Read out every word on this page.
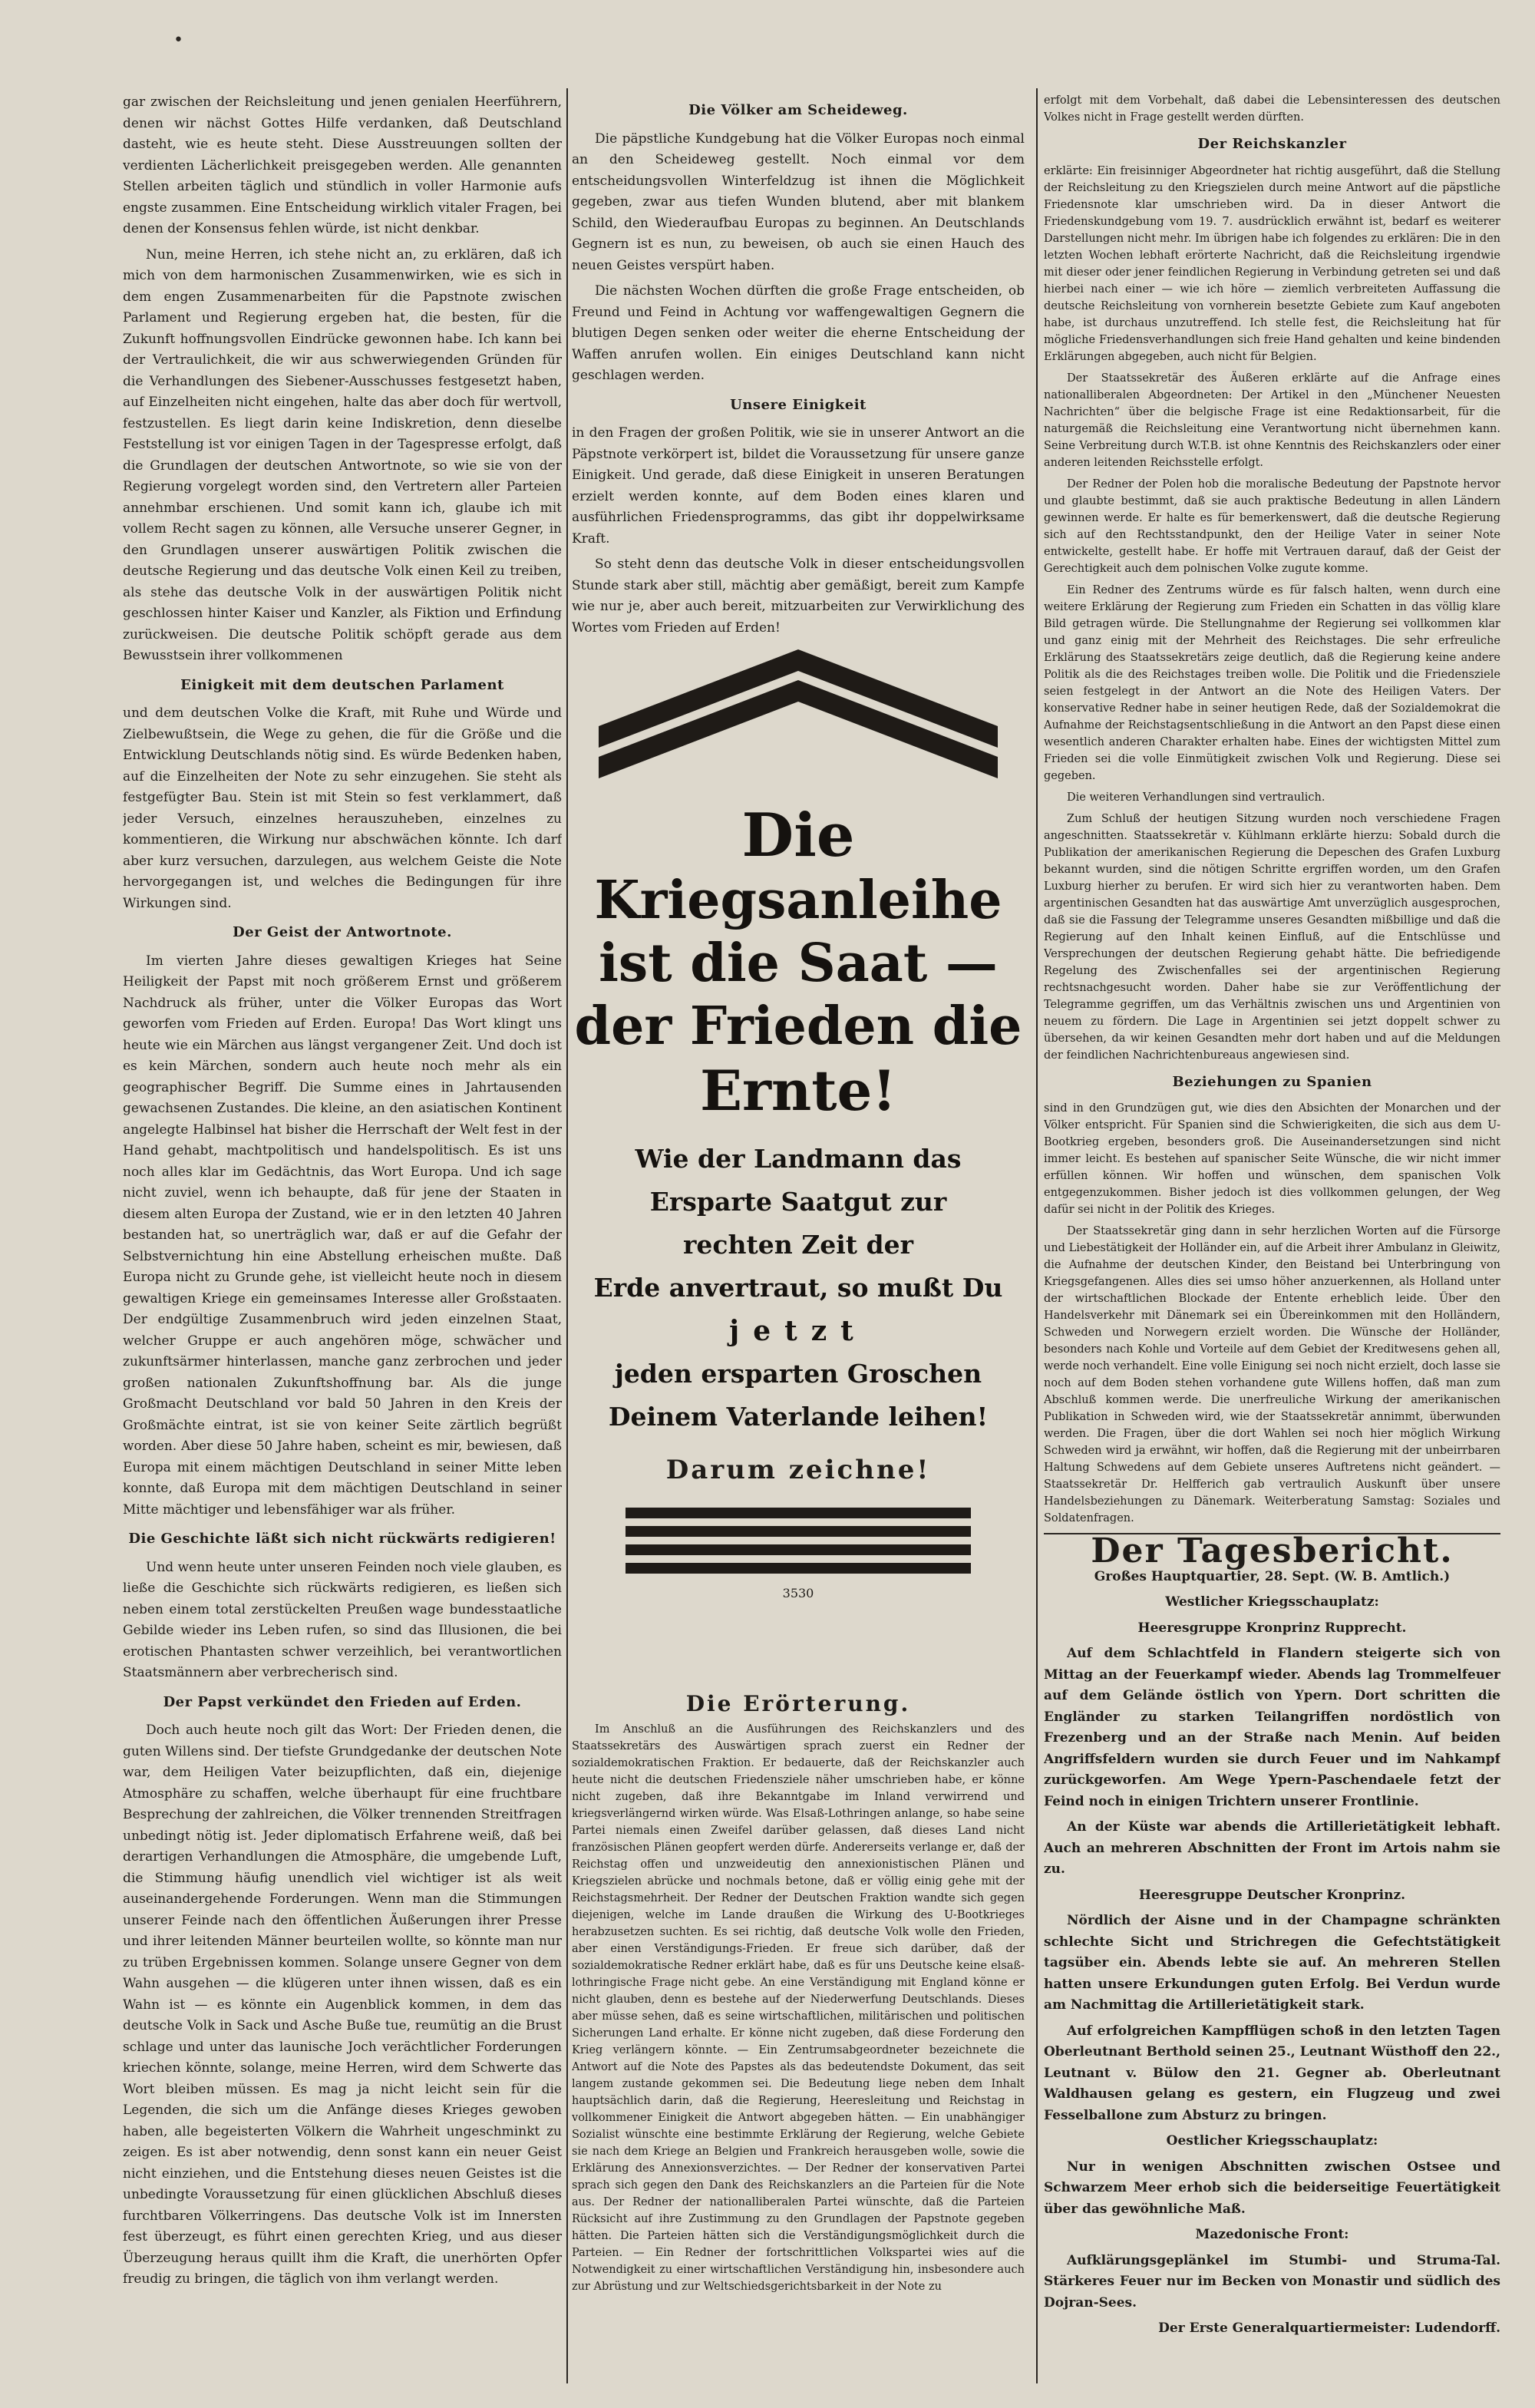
•

gar zwischen der Reichsleitung und jenen genialen Heerführern, denen wir nächst Gottes Hilfe verdanken, daß Deutschland dasteht, wie es heute steht. Diese Ausstreuungen sollten der verdienten Lächerlichkeit preisgegeben werden. Alle genannten Stellen arbeiten täglich und stündlich in voller Harmonie aufs engste zusammen. Eine Entscheidung wirklich vitaler Fragen, bei denen der Konsensus fehlen würde, ist nicht denkbar.

Nun, meine Herren, ich stehe nicht an, zu erklären, daß ich mich von dem harmonischen Zusammenwirken, wie es sich in dem engen Zusammenarbeiten für die Papstnote zwischen Parlament und Regierung ergeben hat, die besten, für die Zukunft hoffnungsvollen Eindrücke gewonnen habe. Ich kann bei der Vertraulichkeit, die wir aus schwerwiegenden Gründen für die Verhandlungen des Siebener-Ausschusses festgesetzt haben, auf Einzelheiten nicht eingehen, halte das aber doch für wertvoll, festzustellen. Es liegt darin keine Indiskretion, denn dieselbe Feststellung ist vor einigen Tagen in der Tagespresse erfolgt, daß die Grundlagen der deutschen Antwortnote, so wie sie von der Regierung vorgelegt worden sind, den Vertretern aller Parteien annehmbar erschienen. Und somit kann ich, glaube ich mit vollem Recht sagen zu können, alle Versuche unserer Gegner, in den Grundlagen unserer auswärtigen Politik zwischen die deutsche Regierung und das deutsche Volk einen Keil zu treiben, als stehe das deutsche Volk in der auswärtigen Politik nicht geschlossen hinter Kaiser und Kanzler, als Fiktion und Erfindung zurückweisen. Die deutsche Politik schöpft gerade aus dem Bewusstsein ihrer vollkommenen

Einigkeit mit dem deutschen Parlament

und dem deutschen Volke die Kraft, mit Ruhe und Würde und Zielbewußtsein, die Wege zu gehen, die für die Größe und die Entwicklung Deutschlands nötig sind. Es würde Bedenken haben, auf die Einzelheiten der Note zu sehr einzugehen. Sie steht als festgefügter Bau. Stein ist mit Stein so fest verklammert, daß jeder Versuch, einzelnes herauszuheben, einzelnes zu kommentieren, die Wirkung nur abschwächen könnte. Ich darf aber kurz versuchen, darzulegen, aus welchem Geiste die Note hervorgegangen ist, und welches die Bedingungen für ihre Wirkungen sind.

Der Geist der Antwortnote.

Im vierten Jahre dieses gewaltigen Krieges hat Seine Heiligkeit der Papst mit noch größerem Ernst und größerem Nachdruck als früher, unter die Völker Europas das Wort geworfen vom Frieden auf Erden. Europa! Das Wort klingt uns heute wie ein Märchen aus längst vergangener Zeit. Und doch ist es kein Märchen, sondern auch heute noch mehr als ein geographischer Begriff. Die Summe eines in Jahrtausenden gewachsenen Zustandes. Die kleine, an den asiatischen Kontinent angelegte Halbinsel hat bisher die Herrschaft der Welt fest in der Hand gehabt, machtpolitisch und handelspolitisch. Es ist uns noch alles klar im Gedächtnis, das Wort Europa. Und ich sage nicht zuviel, wenn ich behaupte, daß für jene der Staaten in diesem alten Europa der Zustand, wie er in den letzten 40 Jahren bestanden hat, so unerträglich war, daß er auf die Gefahr der Selbstvernichtung hin eine Abstellung erheischen mußte. Daß Europa nicht zu Grunde gehe, ist vielleicht heute noch in diesem gewaltigen Kriege ein gemeinsames Interesse aller Großstaaten. Der endgültige Zusammenbruch wird jeden einzelnen Staat, welcher Gruppe er auch angehören möge, schwächer und zukunftsärmer hinterlassen, manche ganz zerbrochen und jeder großen nationalen Zukunftshoffnung bar. Als die junge Großmacht Deutschland vor bald 50 Jahren in den Kreis der Großmächte eintrat, ist sie von keiner Seite zärtlich begrüßt worden. Aber diese 50 Jahre haben, scheint es mir, bewiesen, daß Europa mit einem mächtigen Deutschland in seiner Mitte leben konnte, daß Europa mit dem mächtigen Deutschland in seiner Mitte mächtiger und lebensfähiger war als früher.

Die Geschichte läßt sich nicht rückwärts redigieren!

Und wenn heute unter unseren Feinden noch viele glauben, es ließe die Geschichte sich rückwärts redigieren, es ließen sich neben einem total zerstückelten Preußen wage bundesstaatliche Gebilde wieder ins Leben rufen, so sind das Illusionen, die bei erotischen Phantasten schwer verzeihlich, bei verantwortlichen Staatsmännern aber verbrecherisch sind.

Der Papst verkündet den Frieden auf Erden.

Doch auch heute noch gilt das Wort: Der Frieden denen, die guten Willens sind. Der tiefste Grundgedanke der deutschen Note war, dem Heiligen Vater beizupflichten, daß ein, diejenige Atmosphäre zu schaffen, welche überhaupt für eine fruchtbare Besprechung der zahlreichen, die Völker trennenden Streitfragen unbedingt nötig ist. Jeder diplomatisch Erfahrene weiß, daß bei derartigen Verhandlungen die Atmosphäre, die umgebende Luft, die Stimmung häufig unendlich viel wichtiger ist als weit auseinandergehende Forderungen. Wenn man die Stimmungen unserer Feinde nach den öffentlichen Äußerungen ihrer Presse und ihrer leitenden Männer beurteilen wollte, so könnte man nur zu trüben Ergebnissen kommen. Solange unsere Gegner von dem Wahn ausgehen — die klügeren unter ihnen wissen, daß es ein Wahn ist — es könnte ein Augenblick kommen, in dem das deutsche Volk in Sack und Asche Buße tue, reumütig an die Brust schlage und unter das launische Joch verächtlicher Forderungen kriechen könnte, solange, meine Herren, wird dem Schwerte das Wort bleiben müssen. Es mag ja nicht leicht sein für die Legenden, die sich um die Anfänge dieses Krieges gewoben haben, alle begeisterten Völkern die Wahrheit ungeschminkt zu zeigen. Es ist aber notwendig, denn sonst kann ein neuer Geist nicht einziehen, und die Entstehung dieses neuen Geistes ist die unbedingte Voraussetzung für einen glücklichen Abschluß dieses furchtbaren Völkerringens. Das deutsche Volk ist im Innersten fest überzeugt, es führt einen gerechten Krieg, und aus dieser Überzeugung heraus quillt ihm die Kraft, die unerhörten Opfer freudig zu bringen, die täglich von ihm verlangt werden.

Die Völker am Scheideweg.

Die päpstliche Kundgebung hat die Völker Europas noch einmal an den Scheideweg gestellt. Noch einmal vor dem entscheidungsvollen Winterfeldzug ist ihnen die Möglichkeit gegeben, zwar aus tiefen Wunden blutend, aber mit blankem Schild, den Wiederaufbau Europas zu beginnen. An Deutschlands Gegnern ist es nun, zu beweisen, ob auch sie einen Hauch des neuen Geistes verspürt haben.

Die nächsten Wochen dürften die große Frage entscheiden, ob Freund und Feind in Achtung vor waffengewaltigen Gegnern die blutigen Degen senken oder weiter die eherne Entscheidung der Waffen anrufen wollen. Ein einiges Deutschland kann nicht geschlagen werden.

Unsere Einigkeit

in den Fragen der großen Politik, wie sie in unserer Antwort an die Päpstnote verkörpert ist, bildet die Voraussetzung für unsere ganze Einigkeit. Und gerade, daß diese Einigkeit in unseren Beratungen erzielt werden konnte, auf dem Boden eines klaren und ausführlichen Friedensprogramms, das gibt ihr doppelwirksame Kraft.

So steht denn das deutsche Volk in dieser entscheidungsvollen Stunde stark aber still, mächtig aber gemäßigt, bereit zum Kampfe wie nur je, aber auch bereit, mitzuarbeiten zur Verwirklichung des Wortes vom Frieden auf Erden!

Die
Kriegsanleihe
ist die Saat —
der Frieden die
Ernte!
Wie der Landmann das
Ersparte Saatgut zur
rechten Zeit der
Erde anvertraut, so mußt Du
jetzt
jeden ersparten Groschen
Deinem Vaterlande leihen!
Darum zeichne!
3530
Die Erörterung.

Im Anschluß an die Ausführungen des Reichskanzlers und des Staatssekretärs des Auswärtigen sprach zuerst ein Redner der sozialdemokratischen Fraktion. Er bedauerte, daß der Reichskanzler auch heute nicht die deutschen Friedensziele näher umschrieben habe, er könne nicht zugeben, daß ihre Bekanntgabe im Inland verwirrend und kriegsverlängernd wirken würde. Was Elsaß-Lothringen anlange, so habe seine Partei niemals einen Zweifel darüber gelassen, daß dieses Land nicht französischen Plänen geopfert werden dürfe. Andererseits verlange er, daß der Reichstag offen und unzweideutig den annexionistischen Plänen und Kriegszielen abrücke und nochmals betone, daß er völlig einig gehe mit der Reichstagsmehrheit. Der Redner der Deutschen Fraktion wandte sich gegen diejenigen, welche im Lande draußen die Wirkung des U-Bootkrieges herabzusetzen suchten. Es sei richtig, daß deutsche Volk wolle den Frieden, aber einen Verständigungs-Frieden. Er freue sich darüber, daß der sozialdemokratische Redner erklärt habe, daß es für uns Deutsche keine elsaß-lothringische Frage nicht gebe. An eine Verständigung mit England könne er nicht glauben, denn es bestehe auf der Niederwerfung Deutschlands. Dieses aber müsse sehen, daß es seine wirtschaftlichen, militärischen und politischen Sicherungen Land erhalte. Er könne nicht zugeben, daß diese Forderung den Krieg verlängern könnte. — Ein Zentrumsabgeordneter bezeichnete die Antwort auf die Note des Papstes als das bedeutendste Dokument, das seit langem zustande gekommen sei. Die Bedeutung liege neben dem Inhalt hauptsächlich darin, daß die Regierung, Heeresleitung und Reichstag in vollkommener Einigkeit die Antwort abgegeben hätten. — Ein unabhängiger Sozialist wünschte eine bestimmte Erklärung der Regierung, welche Gebiete sie nach dem Kriege an Belgien und Frankreich herausgeben wolle, sowie die Erklärung des Annexionsverzichtes. — Der Redner der konservativen Partei sprach sich gegen den Dank des Reichskanzlers an die Parteien für die Note aus. Der Redner der nationalliberalen Partei wünschte, daß die Parteien Rücksicht auf ihre Zustimmung zu den Grundlagen der Papstnote gegeben hätten. Die Parteien hätten sich die Verständigungsmöglichkeit durch die Parteien. — Ein Redner der fortschrittlichen Volkspartei wies auf die Notwendigkeit zu einer wirtschaftlichen Verständigung hin, insbesondere auch zur Abrüstung und zur Weltschiedsgerichtsbarkeit in der Note zu

erfolgt mit dem Vorbehalt, daß dabei die Lebensinteressen des deutschen Volkes nicht in Frage gestellt werden dürften.

Der Reichskanzler

erklärte: Ein freisinniger Abgeordneter hat richtig ausgeführt, daß die Stellung der Reichsleitung zu den Kriegszielen durch meine Antwort auf die päpstliche Friedensnote klar umschrieben wird. Da in dieser Antwort die Friedenskundgebung vom 19. 7. ausdrücklich erwähnt ist, bedarf es weiterer Darstellungen nicht mehr. Im übrigen habe ich folgendes zu erklären: Die in den letzten Wochen lebhaft erörterte Nachricht, daß die Reichsleitung irgendwie mit dieser oder jener feindlichen Regierung in Verbindung getreten sei und daß hierbei nach einer — wie ich höre — ziemlich verbreiteten Auffassung die deutsche Reichsleitung von vornherein besetzte Gebiete zum Kauf angeboten habe, ist durchaus unzutreffend. Ich stelle fest, die Reichsleitung hat für mögliche Friedensverhandlungen sich freie Hand gehalten und keine bindenden Erklärungen abgegeben, auch nicht für Belgien.

Der Staatssekretär des Äußeren erklärte auf die Anfrage eines nationalliberalen Abgeordneten: Der Artikel in den „Münchener Neuesten Nachrichten“ über die belgische Frage ist eine Redaktionsarbeit, für die naturgemäß die Reichsleitung eine Verantwortung nicht übernehmen kann. Seine Verbreitung durch W.T.B. ist ohne Kenntnis des Reichskanzlers oder einer anderen leitenden Reichsstelle erfolgt.

Der Redner der Polen hob die moralische Bedeutung der Papstnote hervor und glaubte bestimmt, daß sie auch praktische Bedeutung in allen Ländern gewinnen werde. Er halte es für bemerkenswert, daß die deutsche Regierung sich auf den Rechtsstandpunkt, den der Heilige Vater in seiner Note entwickelte, gestellt habe. Er hoffe mit Vertrauen darauf, daß der Geist der Gerechtigkeit auch dem polnischen Volke zugute komme.

Ein Redner des Zentrums würde es für falsch halten, wenn durch eine weitere Erklärung der Regierung zum Frieden ein Schatten in das völlig klare Bild getragen würde. Die Stellungnahme der Regierung sei vollkommen klar und ganz einig mit der Mehrheit des Reichstages. Die sehr erfreuliche Erklärung des Staatssekretärs zeige deutlich, daß die Regierung keine andere Politik als die des Reichstages treiben wolle. Die Politik und die Friedensziele seien festgelegt in der Antwort an die Note des Heiligen Vaters. Der konservative Redner habe in seiner heutigen Rede, daß der Sozialdemokrat die Aufnahme der Reichstagsentschließung in die Antwort an den Papst diese einen wesentlich anderen Charakter erhalten habe. Eines der wichtigsten Mittel zum Frieden sei die volle Einmütigkeit zwischen Volk und Regierung. Diese sei gegeben.

Die weiteren Verhandlungen sind vertraulich.

Zum Schluß der heutigen Sitzung wurden noch verschiedene Fragen angeschnitten. Staatssekretär v. Kühlmann erklärte hierzu: Sobald durch die Publikation der amerikanischen Regierung die Depeschen des Grafen Luxburg bekannt wurden, sind die nötigen Schritte ergriffen worden, um den Grafen Luxburg hierher zu berufen. Er wird sich hier zu verantworten haben. Dem argentinischen Gesandten hat das auswärtige Amt unverzüglich ausgesprochen, daß sie die Fassung der Telegramme unseres Gesandten mißbillige und daß die Regierung auf den Inhalt keinen Einfluß, auf die Entschlüsse und Versprechungen der deutschen Regierung gehabt hätte. Die befriedigende Regelung des Zwischenfalles sei der argentinischen Regierung rechtsnachgesucht worden. Daher habe sie zur Veröffentlichung der Telegramme gegriffen, um das Verhältnis zwischen uns und Argentinien von neuem zu fördern. Die Lage in Argentinien sei jetzt doppelt schwer zu übersehen, da wir keinen Gesandten mehr dort haben und auf die Meldungen der feindlichen Nachrichtenbureaus angewiesen sind.

Beziehungen zu Spanien

sind in den Grundzügen gut, wie dies den Absichten der Monarchen und der Völker entspricht. Für Spanien sind die Schwierigkeiten, die sich aus dem U-Bootkrieg ergeben, besonders groß. Die Auseinandersetzungen sind nicht immer leicht. Es bestehen auf spanischer Seite Wünsche, die wir nicht immer erfüllen können. Wir hoffen und wünschen, dem spanischen Volk entgegenzukommen. Bisher jedoch ist dies vollkommen gelungen, der Weg dafür sei nicht in der Politik des Krieges.

Der Staatssekretär ging dann in sehr herzlichen Worten auf die Fürsorge und Liebestätigkeit der Holländer ein, auf die Arbeit ihrer Ambulanz in Gleiwitz, die Aufnahme der deutschen Kinder, den Beistand bei Unterbringung von Kriegsgefangenen. Alles dies sei umso höher anzuerkennen, als Holland unter der wirtschaftlichen Blockade der Entente erheblich leide. Über den Handelsverkehr mit Dänemark sei ein Übereinkommen mit den Holländern, Schweden und Norwegern erzielt worden. Die Wünsche der Holländer, besonders nach Kohle und Vorteile auf dem Gebiet der Kreditwesens gehen all, werde noch verhandelt. Eine volle Einigung sei noch nicht erzielt, doch lasse sie noch auf dem Boden stehen vorhandene gute Willens hoffen, daß man zum Abschluß kommen werde. Die unerfreuliche Wirkung der amerikanischen Publikation in Schweden wird, wie der Staatssekretär annimmt, überwunden werden. Die Fragen, über die dort Wahlen sei noch hier möglich Wirkung Schweden wird ja erwähnt, wir hoffen, daß die Regierung mit der unbeirrbaren Haltung Schwedens auf dem Gebiete unseres Auftretens nicht geändert. — Staatssekretär Dr. Helfferich gab vertraulich Auskunft über unsere Handelsbeziehungen zu Dänemark. Weiterberatung Samstag: Soziales und Soldatenfragen.

Der Tagesbericht.

Großes Hauptquartier, 28. Sept. (W. B. Amtlich.)

Westlicher Kriegsschauplatz:

Heeresgruppe Kronprinz Rupprecht.

Auf dem Schlachtfeld in Flandern steigerte sich von Mittag an der Feuerkampf wieder. Abends lag Trommelfeuer auf dem Gelände östlich von Ypern. Dort schritten die Engländer zu starken Teilangriffen nordöstlich von Frezenberg und an der Straße nach Menin. Auf beiden Angriffsfeldern wurden sie durch Feuer und im Nahkampf zurückgeworfen. Am Wege Ypern-Paschendaele fetzt der Feind noch in einigen Trichtern unserer Frontlinie.

An der Küste war abends die Artillerietätigkeit lebhaft. Auch an mehreren Abschnitten der Front im Artois nahm sie zu.

Heeresgruppe Deutscher Kronprinz.

Nördlich der Aisne und in der Champagne schränkten schlechte Sicht und Strichregen die Gefechtstätigkeit tagsüber ein. Abends lebte sie auf. An mehreren Stellen hatten unsere Erkundungen guten Erfolg. Bei Verdun wurde am Nachmittag die Artillerietätigkeit stark.

Auf erfolgreichen Kampfflügen schoß in den letzten Tagen Oberleutnant Berthold seinen 25., Leutnant Wüsthoff den 22., Leutnant v. Bülow den 21. Gegner ab. Oberleutnant Waldhausen gelang es gestern, ein Flugzeug und zwei Fesselballone zum Absturz zu bringen.

Oestlicher Kriegsschauplatz:

Nur in wenigen Abschnitten zwischen Ostsee und Schwarzem Meer erhob sich die beiderseitige Feuertätigkeit über das gewöhnliche Maß.

Mazedonische Front:

Aufklärungsgeplänkel im Stumbi- und Struma-Tal. Stärkeres Feuer nur im Becken von Monastir und südlich des Dojran-Sees.

Der Erste Generalquartiermeister: Ludendorff.
